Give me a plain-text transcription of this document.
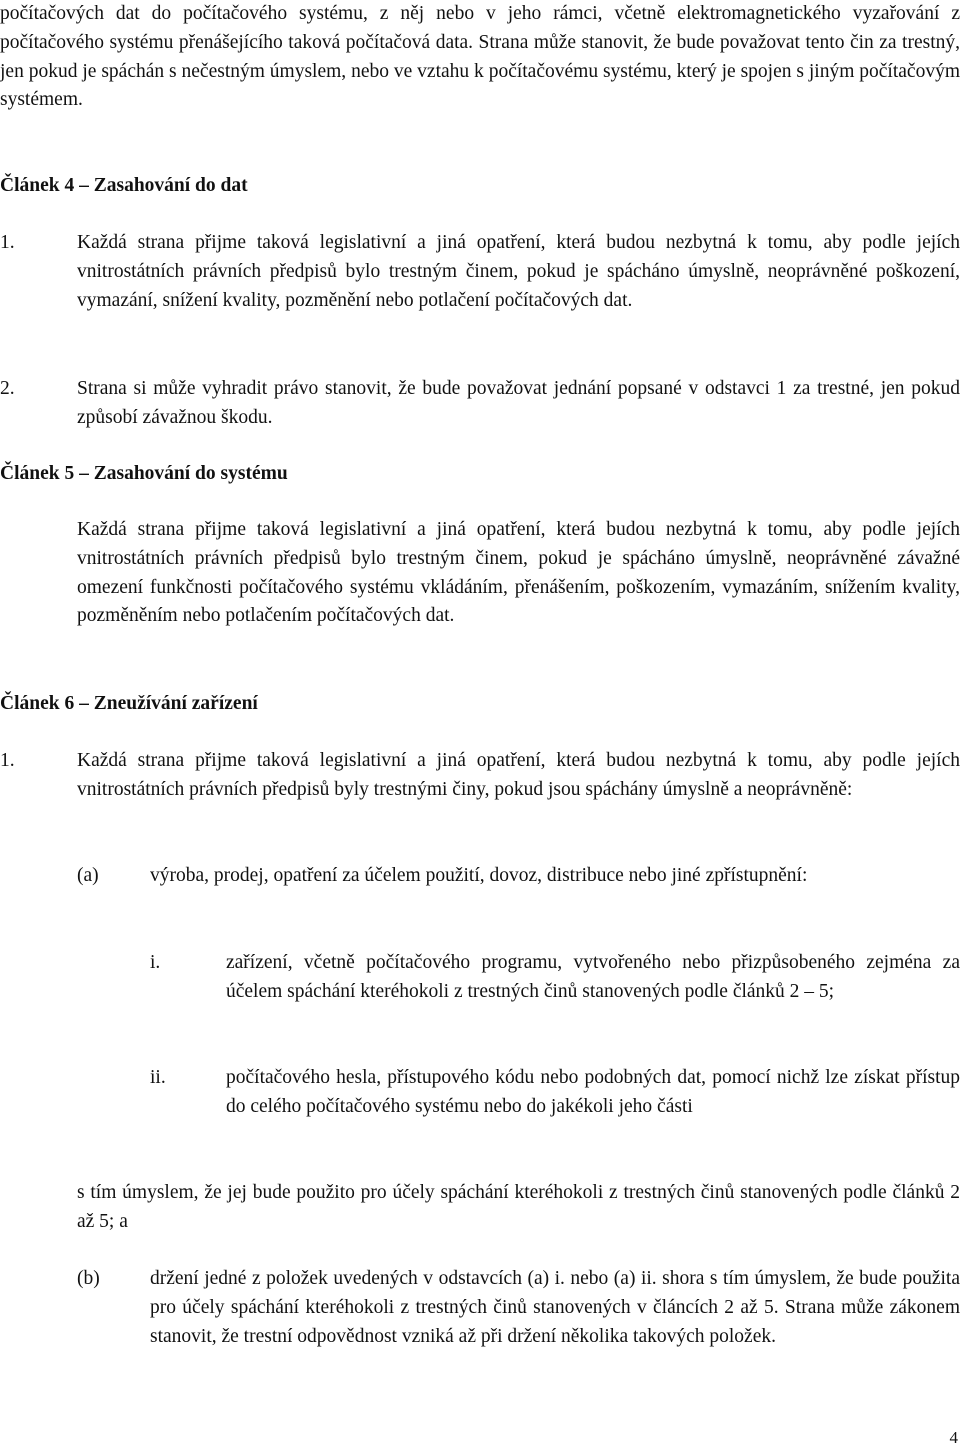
počítačových dat do počítačového systému, z něj nebo v jeho rámci, včetně elektromagnetického vyzařování z počítačového systému přenášejícího taková počítačová data. Strana může stanovit, že bude považovat tento čin za trestný, jen pokud je spáchán s nečestným úmyslem, nebo ve vztahu k počítačovému systému, který je spojen s jiným počítačovým systémem.

Článek 4 – Zasahování do dat
1.	Každá strana přijme taková legislativní a jiná opatření, která budou nezbytná k tomu, aby podle jejích vnitrostátních právních předpisů bylo trestným činem, pokud je spácháno úmyslně, neoprávněné poškození, vymazání, snížení kvality, pozměnění nebo potlačení počítačových dat.

2.	Strana si může vyhradit právo stanovit, že bude považovat jednání popsané v odstavci 1 za trestné, jen pokud způsobí závažnou škodu.

Článek 5 – Zasahování do systému

Každá strana přijme taková legislativní a jiná opatření, která budou nezbytná k tomu, aby podle jejích vnitrostátních právních předpisů bylo trestným činem, pokud je spácháno úmyslně, neoprávněné závažné omezení funkčnosti počítačového systému vkládáním, přenášením, poškozením, vymazáním, snížením kvality, pozměněním nebo potlačením počítačových dat.

Článek 6 – Zneužívání zařízení
1.	Každá strana přijme taková legislativní a jiná opatření, která budou nezbytná k tomu, aby podle jejích vnitrostátních právních předpisů byly trestnými činy, pokud jsou spáchány úmyslně a neoprávněně:

(a)	výroba, prodej, opatření za účelem použití, dovoz, distribuce nebo jiné zpřístupnění:

i.	zařízení, včetně počítačového programu, vytvořeného nebo přizpůsobeného zejména za účelem spáchání kteréhokoli z trestných činů stanovených podle článků 2 – 5;

ii.	počítačového hesla, přístupového kódu nebo podobných dat, pomocí nichž lze získat přístup do celého počítačového systému nebo do jakékoli jeho části

s tím úmyslem, že jej bude použito pro účely spáchání kteréhokoli z trestných činů stanovených podle článků 2 až 5; a

(b)	držení jedné z položek uvedených v odstavcích (a) i. nebo (a) ii. shora s tím úmyslem, že bude použita pro účely spáchání kteréhokoli z trestných činů stanovených v článcích 2 až 5. Strana může zákonem stanovit, že trestní odpovědnost vzniká až při držení několika takových položek.

4
